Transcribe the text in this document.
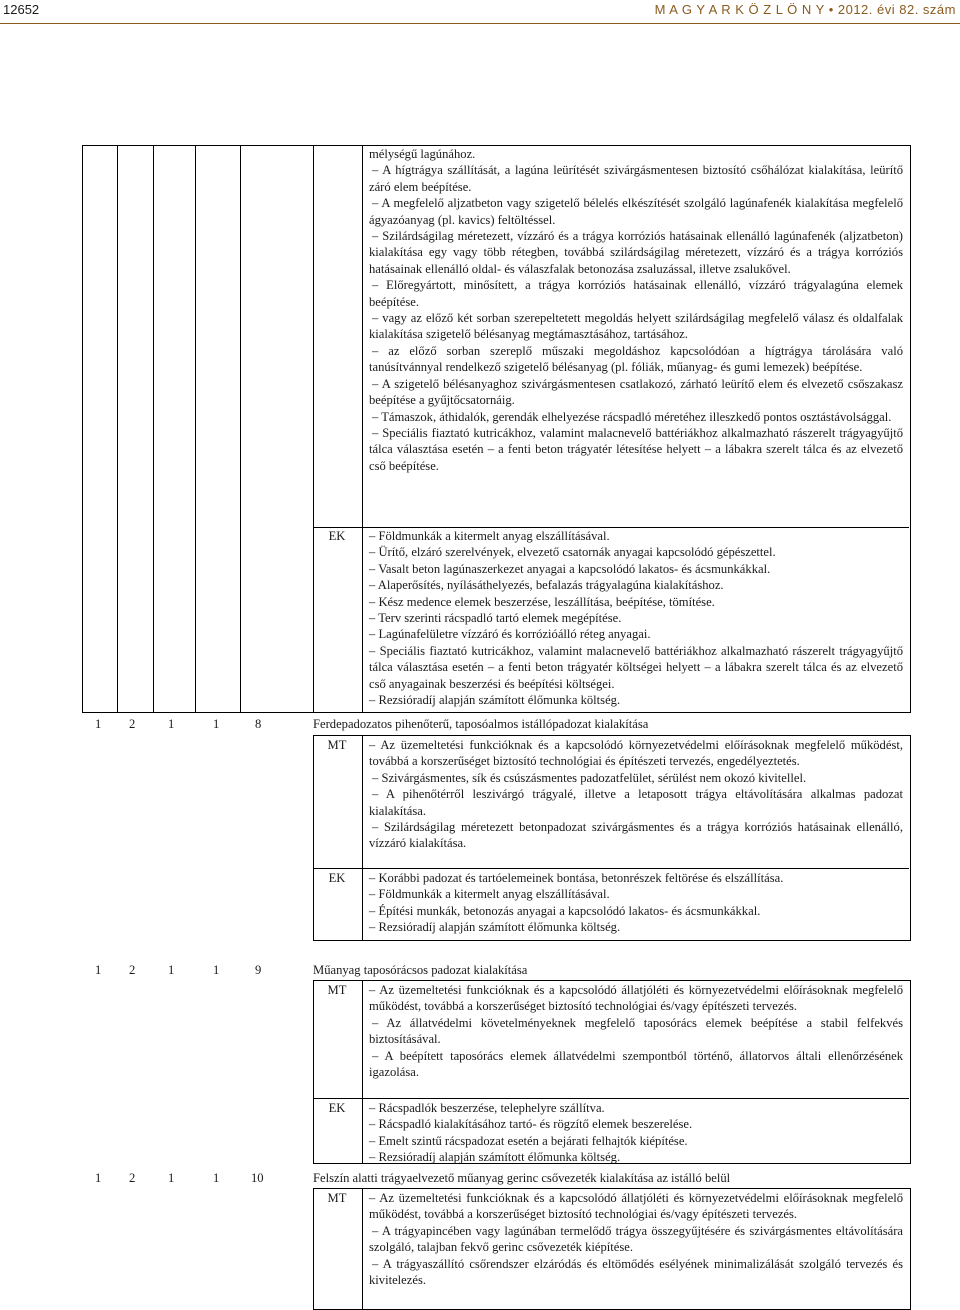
12652	M A G Y A R K Ö Z L Ö N Y • 2012. évi 82. szám

mélységű lagúnához.

– A hígtrágya szállítását, a lagúna leürítését szivárgásmentesen biztosító csőhálózat kialakítása, leürítő záró elem beépítése.

– A megfelelő aljzatbeton vagy szigetelő bélelés elkészítését szolgáló lagúnafenék kialakítása megfelelő ágyazóanyag (pl. kavics) feltöltéssel.

– Szilárdságilag méretezett, vízzáró és a trágya korróziós hatásainak ellenálló lagúnafenék (aljzatbeton) kialakítása egy vagy több rétegben, továbbá szilárdságilag méretezett, vízzáró és a trágya korróziós hatásainak ellenálló oldal- és válaszfalak betonozása zsaluzással, illetve zsalukővel.

– Előregyártott, minősített, a trágya korróziós hatásainak ellenálló, vízzáró trágyalagúna elemek beépítése.

– vagy az előző két sorban szerepeltetett megoldás helyett szilárdságilag megfelelő válasz és oldalfalak kialakítása szigetelő bélésanyag megtámasztásához, tartásához.

– az előző sorban szereplő műszaki megoldáshoz kapcsolódóan a hígtrágya tárolására való tanúsítvánnyal rendelkező szigetelő bélésanyag (pl. fóliák, műanyag- és gumi lemezek) beépítése.

– A szigetelő bélésanyaghoz szivárgásmentesen csatlakozó, zárható leürítő elem és elvezető csőszakasz beépítése a gyűjtőcsatornáig.

– Támaszok, áthidalók, gerendák elhelyezése rácspadló méretéhez illeszkedő pontos osztástávolsággal.

– Speciális fiaztató kutricákhoz, valamint malacnevelő battériákhoz alkalmazható rászerelt trágyagyűjtő tálca választása esetén – a fenti beton trágyatér létesítése helyett – a lábakra szerelt tálca és az elvezető cső beépítése.

EK	– Földmunkák a kitermelt anyag elszállításával.

– Ürítő, elzáró szerelvények, elvezető csatornák anyagai kapcsolódó gépészettel.

– Vasalt beton lagúnaszerkezet anyagai a kapcsolódó lakatos- és ácsmunkákkal.

– Alaperősítés, nyílásáthelyezés, befalazás trágyalagúna kialakításhoz.

– Kész medence elemek beszerzése, leszállítása, beépítése, tömítése.

– Terv szerinti rácspadló tartó elemek megépítése.

– Lagúnafelületre vízzáró és korrózióálló réteg anyagai.

– Speciális fiaztató kutricákhoz, valamint malacnevelő battériákhoz alkalmazható rászerelt trágyagyűjtő tálca választása esetén – a fenti beton trágyatér költségei helyett – a lábakra szerelt tálca és az elvezető cső anyagainak beszerzési és beépítési költségei.

– Rezsióradíj alapján számított élőmunka költség.

1 2	1	1	8	Ferdepadozatos pihenőterű, taposóalmos istállópadozat kialakítása
MT	– Az üzemeltetési funkcióknak és a kapcsolódó környezetvédelmi előírásoknak megfelelő működést, továbbá a korszerűséget biztosító technológiai és építészeti tervezés, engedélyeztetés.

– Szivárgásmentes, sík és csúszásmentes padozatfelület, sérülést nem okozó kivitellel.

– A pihenőtérről leszivárgó trágyalé, illetve a letaposott trágya eltávolítására alkalmas padozat kialakítása.

– Szilárdságilag méretezett betonpadozat szivárgásmentes és a trágya korróziós hatásainak ellenálló, vízzáró kialakítása.

EK	– Korábbi padozat és tartóelemeinek bontása, betonrészek feltörése és elszállítása.

– Földmunkák a kitermelt anyag elszállításával.

– Építési munkák, betonozás anyagai a kapcsolódó lakatos- és ácsmunkákkal.

– Rezsióradíj alapján számított élőmunka költség.

1 2	1	1	9	Műanyag taposórácsos padozat kialakítása
MT	– Az üzemeltetési funkcióknak és a kapcsolódó állatjóléti és környezetvédelmi előírásoknak megfelelő működést, továbbá a korszerűséget biztosító technológiai és/vagy építészeti tervezés.

– Az állatvédelmi követelményeknek megfelelő taposórács elemek beépítése a stabil felfekvés biztosításával.

– A beépített taposórács elemek állatvédelmi szempontból történő, állatorvos általi ellenőrzésének igazolása.

EK	– Rácspadlók beszerzése, telephelyre szállítva.

– Rácspadló kialakításához tartó- és rögzítő elemek beszerelése.

– Emelt szintű rácspadozat esetén a bejárati felhajtók kiépítése.

– Rezsióradíj alapján számított élőmunka költség.

1 2	1	1	10	Felszín alatti trágyaelvezető műanyag gerinc csővezeték kialakítása az istálló belül
MT	– Az üzemeltetési funkcióknak és a kapcsolódó állatjóléti és környezetvédelmi előírásoknak megfelelő működést, továbbá a korszerűséget biztosító technológiai és/vagy építészeti tervezés.

– A trágyapincében vagy lagúnában termelődő trágya összegyűjtésére és szivárgásmentes eltávolítására szolgáló, talajban fekvő gerinc csővezeték kiépítése.

– A trágyaszállító csőrendszer elzáródás és eltömődés esélyének minimalizálását szolgáló tervezés és kivitelezés.
